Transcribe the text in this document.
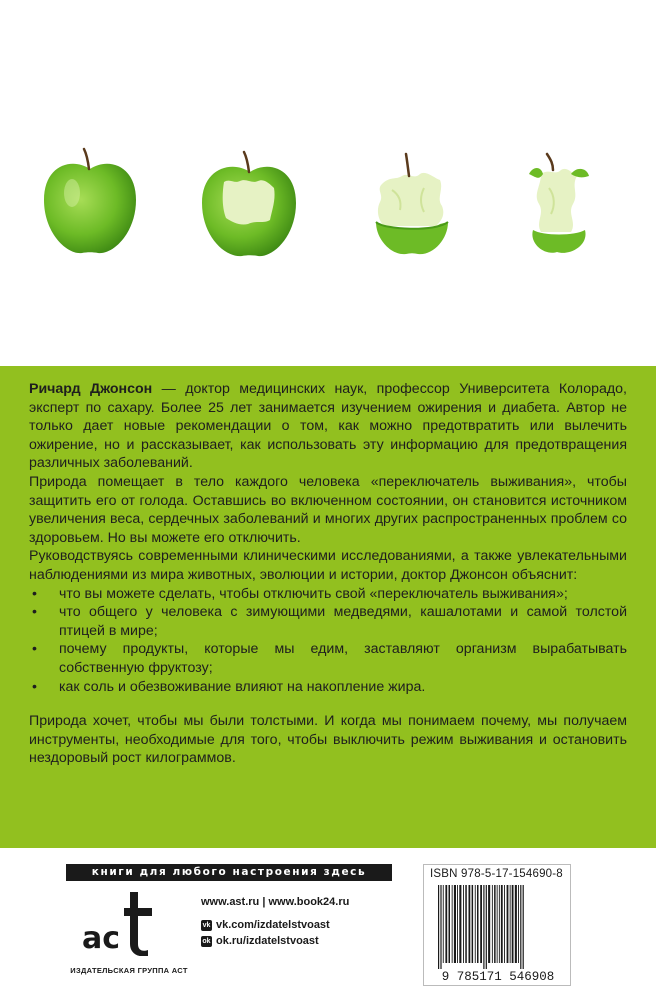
Ричард Джонсон — доктор медицинских наук, профессор Университета Колорадо, эксперт по сахару. Более 25 лет занимается изучением ожирения и диабета. Автор не только дает новые рекомендации о том, как можно предотвратить или вылечить ожирение, но и рассказывает, как использовать эту информацию для предотвращения различных заболеваний.

Природа помещает в тело каждого человека «переключатель выживания», чтобы защитить его от голода. Оставшись во включенном состоянии, он становится источником увеличения веса, сердечных заболеваний и многих других распространенных проблем со здоровьем. Но вы можете его отключить.

Руководствуясь современными клиническими исследованиями, а также увлекательными наблюдениями из мира животных, эволюции и истории, доктор Джонсон объяснит:

• что вы можете сделать, чтобы отключить свой «переключатель выживания»;
• что общего у человека с зимующими медведями, кашалотами и самой толстой птицей в мире;
• почему продукты, которые мы едим, заставляют организм вырабатывать собственную фруктозу;
• как соль и обезвоживание влияют на накопление жира.

Природа хочет, чтобы мы были толстыми. И когда мы понимаем почему, мы получаем инструменты, необходимые для того, чтобы выключить режим выживания и остановить нездоровый рост килограммов.

книги для любого настроения здесь
ac
ИЗДАТЕЛЬСКАЯ ГРУППА АСТ
www.ast.ru | www.book24.ru
vk vk.com/izdatelstvoast
ok ok.ru/izdatelstvoast
ISBN 978-5-17-154690-8
9 785171 546908
